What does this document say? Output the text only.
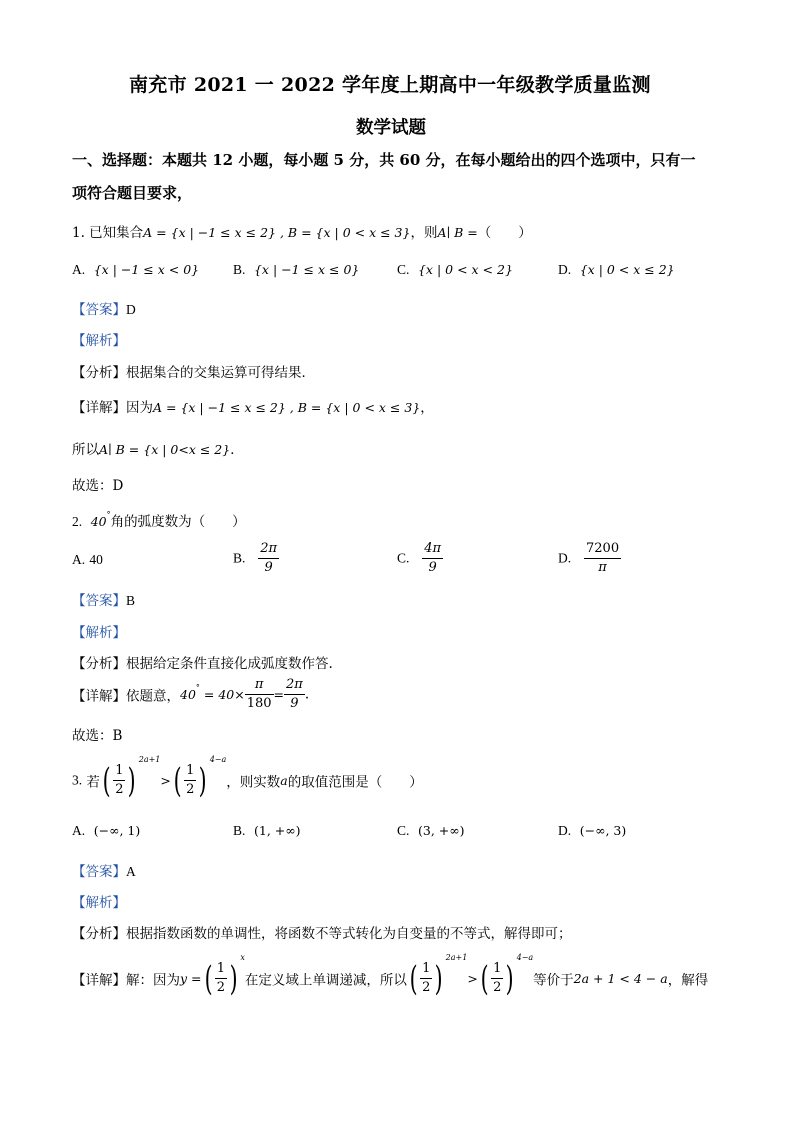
南充市 2021 一 2022 学年度上期高中一年级教学质量监测
数学试题
一、选择题：本题共 12 小题，每小题 5 分，共 60 分，在每小题给出的四个选项中，只有一
项符合题目要求，
1. 已知集合A = {x | −1 ≤ x ≤ 2} , B = {x | 0 < x ≤ 3}，则A∣ B =（　　）
A. {x | −1 ≤ x < 0}	B. {x | −1 ≤ x ≤ 0}	C. {x | 0 < x < 2}	D. {x | 0 < x ≤ 2}
【答案】D
【解析】
【分析】根据集合的交集运算可得结果．
【详解】因为A = {x | −1 ≤ x ≤ 2} , B = {x | 0 < x ≤ 3}，
所以A∣ B = {x | 0<x ≤ 2}．
故选：D
2. 40°角的弧度数为（　　）
A. 40	B. $\frac{2\pi}{9}$	C. $\frac{4\pi}{9}$	D. $\frac{7200}{\pi}$
【答案】B
【解析】
【分析】根据给定条件直接化成弧度数作答.
【详解】依题意，$40^\circ = 40\times \frac{\pi}{180} = \frac{2\pi}{9}$ .
故选：B
3. 若( $\frac{1}{2} )^{2a+1}>( \frac{1}{2} )^{4-a}$，则实数a的取值范围是（　　）
A. (−∞, 1)	B. (1, +∞)	C. (3, +∞)	D. (−∞, 3)
【答案】A
【解析】
【分析】根据指数函数的单调性，将函数不等式转化为自变量的不等式，解得即可；
【详解】解：因为y =( $\frac{1}{2} )^x$在定义域上单调递减，所以( $\frac{1}{2} )^{2a+1}>( \frac{1}{2} )^{4-a}$等价于2a + 1 < 4 − a，解得
